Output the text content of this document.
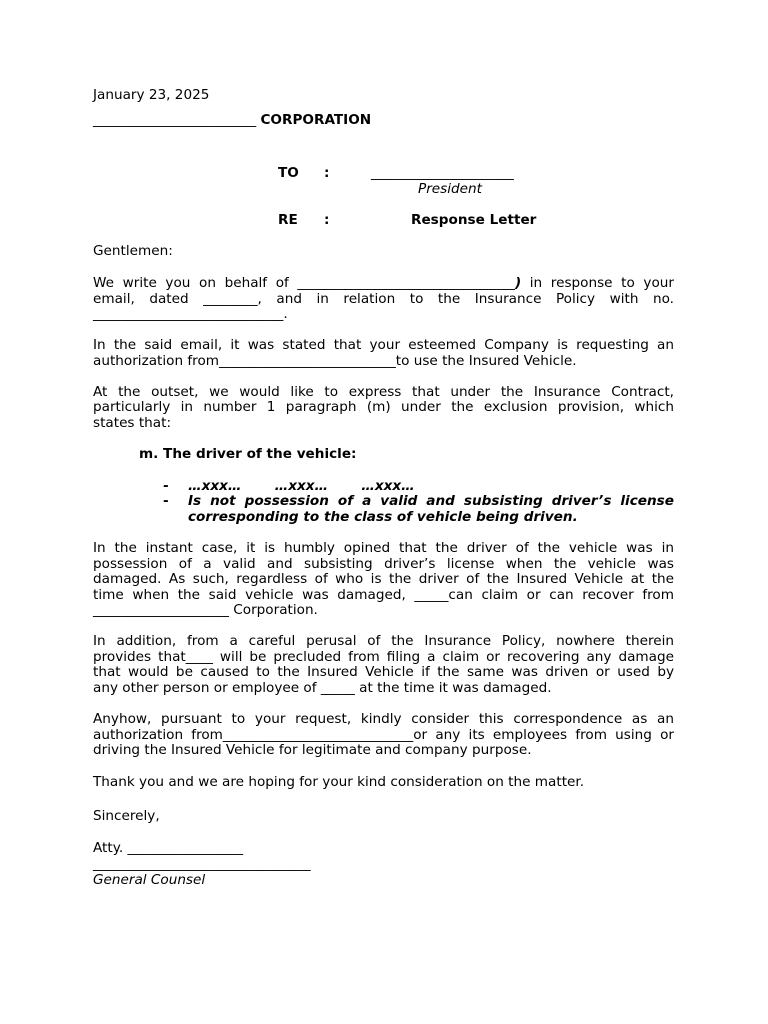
January 23, 2025
________________________ CORPORATION
TO :	_____________________
President
RE :	Response Letter
Gentlemen:
We write you on behalf of ________________________________) in response to your
email, dated ________, and in relation to the Insurance Policy with no.
____________________________.
In the said email, it was stated that your esteemed Company is requesting an
authorization from__________________________to use the Insured Vehicle.
At the outset, we would like to express that under the Insurance Contract,
particularly in number 1 paragraph (m) under the exclusion provision, which
states that:
m. The driver of the vehicle:
- …xxx…       …xxx…       …xxx…
- Is not possession of a valid and subsisting driver’s license
corresponding to the class of vehicle being driven.
In the instant case, it is humbly opined that the driver of the vehicle was in
possession of a valid and subsisting driver’s license when the vehicle was
damaged. As such, regardless of who is the driver of the Insured Vehicle at the
time when the said vehicle was damaged, _____can claim or can recover from
____________________ Corporation.
In addition, from a careful perusal of the Insurance Policy, nowhere therein
provides that____ will be precluded from filing a claim or recovering any damage
that would be caused to the Insured Vehicle if the same was driven or used by
any other person or employee of _____ at the time it was damaged.
Anyhow, pursuant to your request, kindly consider this correspondence as an
authorization from____________________________or any its employees from using or
driving the Insured Vehicle for legitimate and company purpose.
Thank you and we are hoping for your kind consideration on the matter.
Sincerely,
Atty. _________________
________________________________
General Counsel
